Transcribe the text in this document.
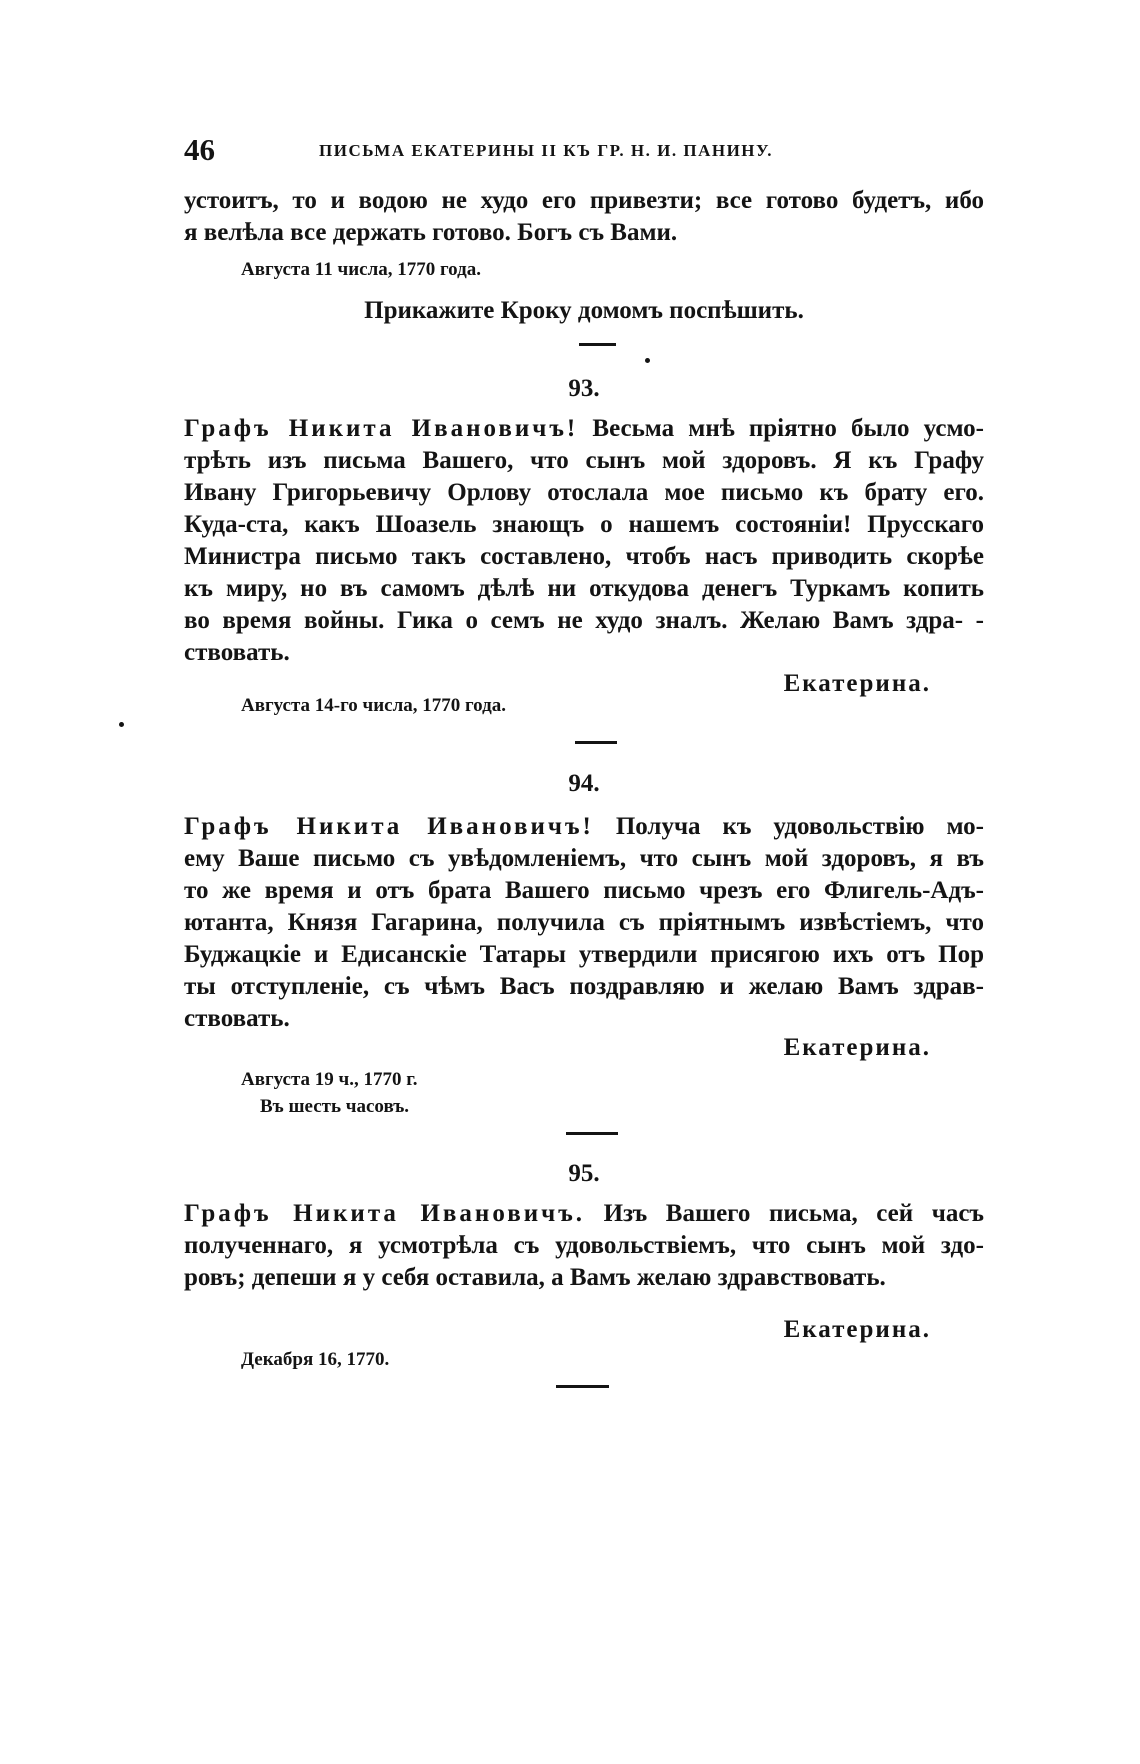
46	ПИСЬМА ЕКАТЕРИНЫ II КЪ ГР. Н. И. ПАНИНУ.
устоитъ, то и водою не худо его привезти; все готово будетъ, ибо
я велѣла все держать готово. Богъ съ Вами.
Августа 11 числа, 1770 года.
Прикажите Кроку домомъ поспѣшить.
93.
Графъ Никита Ивановичъ! Весьма мнѣ пріятно было усмо-
трѣть изъ письма Вашего, что сынъ мой здоровъ. Я къ Графу
Ивану Григорьевичу Орлову отослала мое письмо къ брату его.
Куда-ста, какъ Шоазель знающъ о нашемъ состояніи! Прусскаго
Министра письмо такъ составлено, чтобъ насъ приводить скорѣе
къ миру, но въ самомъ дѣлѣ ни откудова денегъ Туркамъ копить
во время войны. Гика о семъ не худо зналъ. Желаю Вамъ здра- -
ствовать.
Екатерина.
Августа 14-го числа, 1770 года.
94.
Графъ Никита Ивановичъ! Получа къ удовольствію мо-
ему Ваше письмо съ увѣдомленіемъ, что сынъ мой здоровъ, я въ
то же время и отъ брата Вашего письмо чрезъ его Флигель-Адъ-
ютанта, Князя Гагарина, получила съ пріятнымъ извѣстіемъ, что
Буджацкіе и Едисанскіе Татары утвердили присягою ихъ отъ Пор
ты отступленіе, съ чѣмъ Васъ поздравляю и желаю Вамъ здрав-
ствовать.
Екатерина.
Августа 19 ч., 1770 г.
Въ шесть часовъ.
95.
Графъ Никита Ивановичъ. Изъ Вашего письма, сей часъ
полученнаго, я усмотрѣла съ удовольствіемъ, что сынъ мой здо-
ровъ; депеши я у себя оставила, а Вамъ желаю здравствовать.
Екатерина.
Декабря 16, 1770.
